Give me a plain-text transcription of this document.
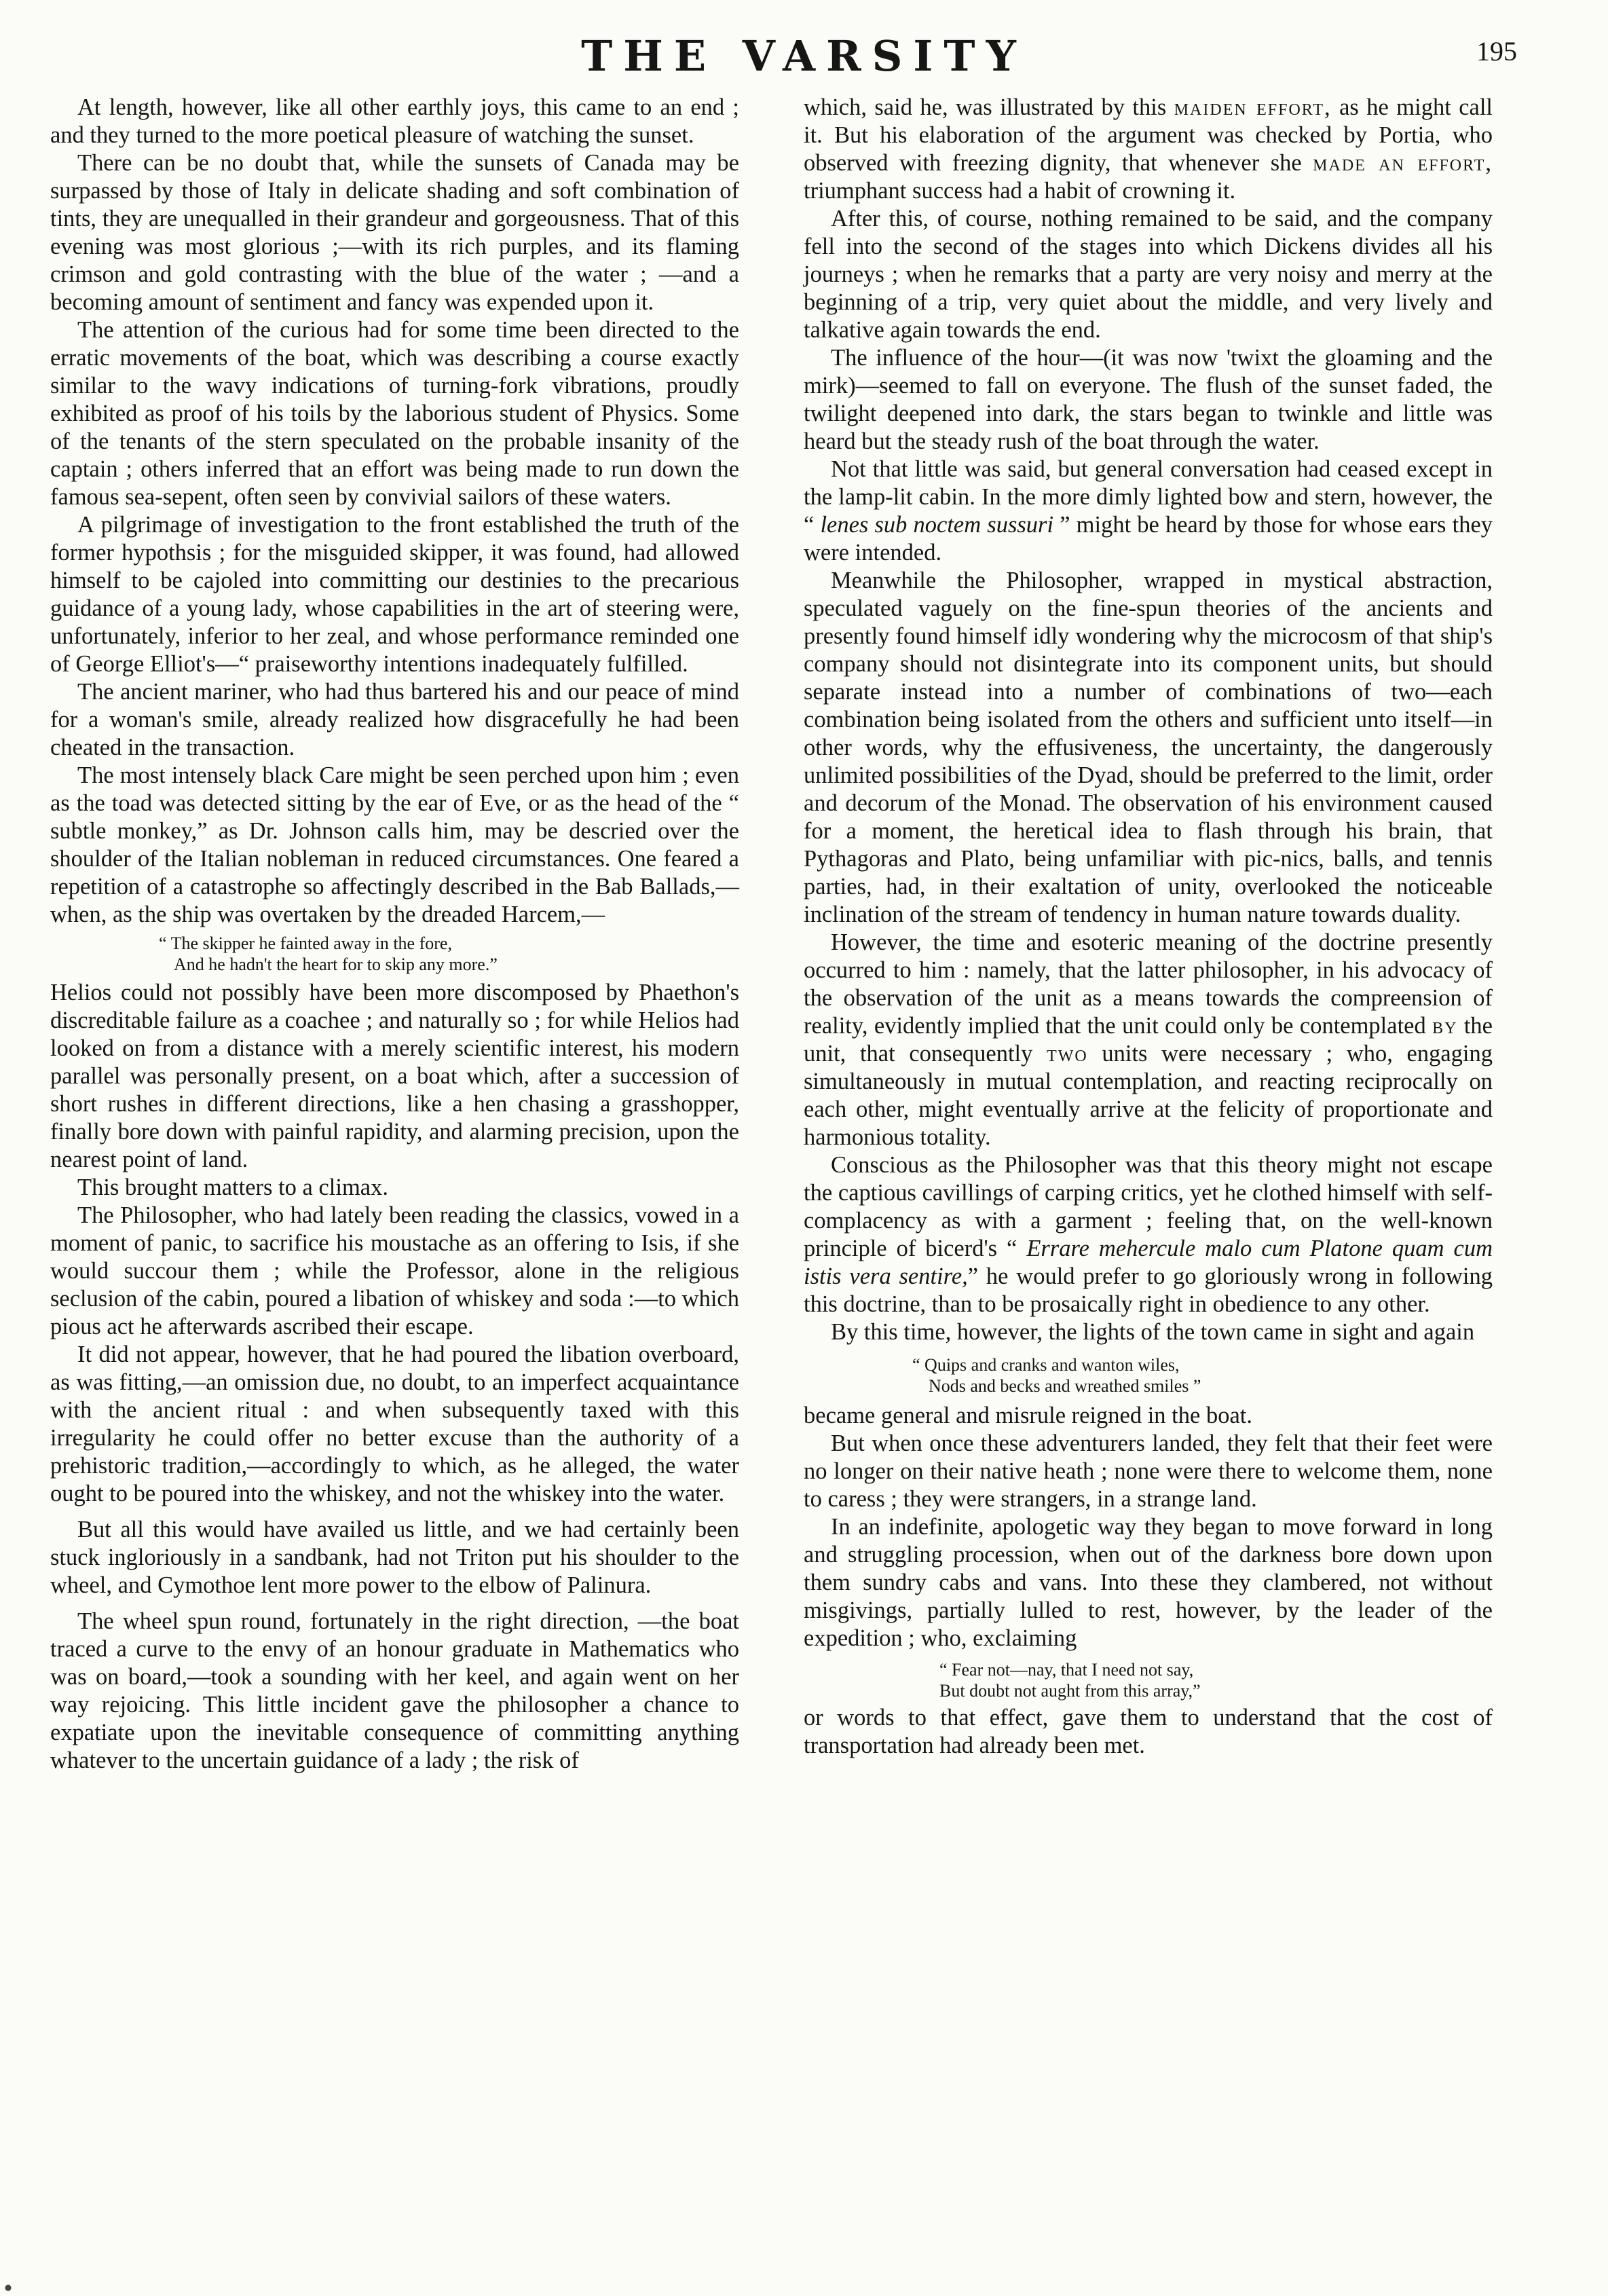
THE VARSITY	195

At length, however, like all other earthly joys, this came to an end ; and they turned to the more poetical pleasure of watching the sunset.

There can be no doubt that, while the sunsets of Canada may be surpassed by those of Italy in delicate shading and soft combination of tints, they are unequalled in their grandeur and gorgeousness. That of this evening was most glorious ;—with its rich purples, and its flaming crimson and gold contrasting with the blue of the water ; —and a becoming amount of sentiment and fancy was expended upon it.

The attention of the curious had for some time been directed to the erratic movements of the boat, which was describing a course exactly similar to the wavy indications of turning-fork vibrations, proudly exhibited as proof of his toils by the laborious student of Physics. Some of the tenants of the stern speculated on the probable insanity of the captain ; others inferred that an effort was being made to run down the famous sea-sepent, often seen by convivial sailors of these waters.

A pilgrimage of investigation to the front established the truth of the former hypothsis ; for the misguided skipper, it was found, had allowed himself to be cajoled into committing our destinies to the precarious guidance of a young lady, whose capabilities in the art of steering were, unfortunately, inferior to her zeal, and whose performance reminded one of George Elliot's—“ praiseworthy intentions inadequately fulfilled.

The ancient mariner, who had thus bartered his and our peace of mind for a woman's smile, already realized how disgracefully he had been cheated in the transaction.

The most intensely black Care might be seen perched upon him ; even as the toad was detected sitting by the ear of Eve, or as the head of the “ subtle monkey,” as Dr. Johnson calls him, may be descried over the shoulder of the Italian nobleman in reduced circumstances. One feared a repetition of a catastrophe so affectingly described in the Bab Ballads,—when, as the ship was overtaken by the dreaded Harcem,—

“ The skipper he fainted away in the fore,
And he hadn't the heart for to skip any more.”

Helios could not possibly have been more discomposed by Phaethon's discreditable failure as a coachee ; and naturally so ; for while Helios had looked on from a distance with a merely scientific interest, his modern parallel was personally present, on a boat which, after a succession of short rushes in different directions, like a hen chasing a grasshopper, finally bore down with painful rapidity, and alarming precision, upon the nearest point of land.

This brought matters to a climax.

The Philosopher, who had lately been reading the classics, vowed in a moment of panic, to sacrifice his moustache as an offering to Isis, if she would succour them ; while the Professor, alone in the religious seclusion of the cabin, poured a libation of whiskey and soda :—to which pious act he afterwards ascribed their escape.

It did not appear, however, that he had poured the libation overboard, as was fitting,—an omission due, no doubt, to an imperfect acquaintance with the ancient ritual : and when subsequently taxed with this irregularity he could offer no better excuse than the authority of a prehistoric tradition,—accordingly to which, as he alleged, the water ought to be poured into the whiskey, and not the whiskey into the water.

But all this would have availed us little, and we had certainly been stuck ingloriously in a sandbank, had not Triton put his shoulder to the wheel, and Cymothoe lent more power to the elbow of Palinura.

The wheel spun round, fortunately in the right direction, —the boat traced a curve to the envy of an honour graduate in Mathematics who was on board,—took a sounding with her keel, and again went on her way rejoicing. This little incident gave the philosopher a chance to expatiate upon the inevitable consequence of committing anything whatever to the uncertain guidance of a lady ; the risk of

which, said he, was illustrated by this maiden effort, as he might call it. But his elaboration of the argument was checked by Portia, who observed with freezing dignity, that whenever she made an effort, triumphant success had a habit of crowning it.

After this, of course, nothing remained to be said, and the company fell into the second of the stages into which Dickens divides all his journeys ; when he remarks that a party are very noisy and merry at the beginning of a trip, very quiet about the middle, and very lively and talkative again towards the end.

The influence of the hour—(it was now 'twixt the gloaming and the mirk)—seemed to fall on everyone. The flush of the sunset faded, the twilight deepened into dark, the stars began to twinkle and little was heard but the steady rush of the boat through the water.

Not that little was said, but general conversation had ceased except in the lamp-lit cabin. In the more dimly lighted bow and stern, however, the “ lenes sub noctem sussuri ” might be heard by those for whose ears they were intended.

Meanwhile the Philosopher, wrapped in mystical abstraction, speculated vaguely on the fine-spun theories of the ancients and presently found himself idly wondering why the microcosm of that ship's company should not disintegrate into its component units, but should separate instead into a number of combinations of two—each combination being isolated from the others and sufficient unto itself—in other words, why the effusiveness, the uncertainty, the dangerously unlimited possibilities of the Dyad, should be preferred to the limit, order and decorum of the Monad. The observation of his environment caused for a moment, the heretical idea to flash through his brain, that Pythagoras and Plato, being unfamiliar with pic-nics, balls, and tennis parties, had, in their exaltation of unity, overlooked the noticeable inclination of the stream of tendency in human nature towards duality.

However, the time and esoteric meaning of the doctrine presently occurred to him : namely, that the latter philosopher, in his advocacy of the observation of the unit as a means towards the compreension of reality, evidently implied that the unit could only be contemplated by the unit, that consequently two units were necessary ; who, engaging simultaneously in mutual contemplation, and reacting reciprocally on each other, might eventually arrive at the felicity of proportionate and harmonious totality.

Conscious as the Philosopher was that this theory might not escape the captious cavillings of carping critics, yet he clothed himself with self-complacency as with a garment ; feeling that, on the well-known principle of bicerd's “ Errare mehercule malo cum Platone quam cum istis vera sentire,” he would prefer to go gloriously wrong in following this doctrine, than to be prosaically right in obedience to any other.

By this time, however, the lights of the town came in sight and again

“ Quips and cranks and wanton wiles,
Nods and becks and wreathed smiles ”

became general and misrule reigned in the boat.

But when once these adventurers landed, they felt that their feet were no longer on their native heath ; none were there to welcome them, none to caress ; they were strangers, in a strange land.

In an indefinite, apologetic way they began to move forward in long and struggling procession, when out of the darkness bore down upon them sundry cabs and vans. Into these they clambered, not without misgivings, partially lulled to rest, however, by the leader of the expedition ; who, exclaiming

“ Fear not—nay, that I need not say,
But doubt not aught from this array,”

or words to that effect, gave them to understand that the cost of transportation had already been met.
